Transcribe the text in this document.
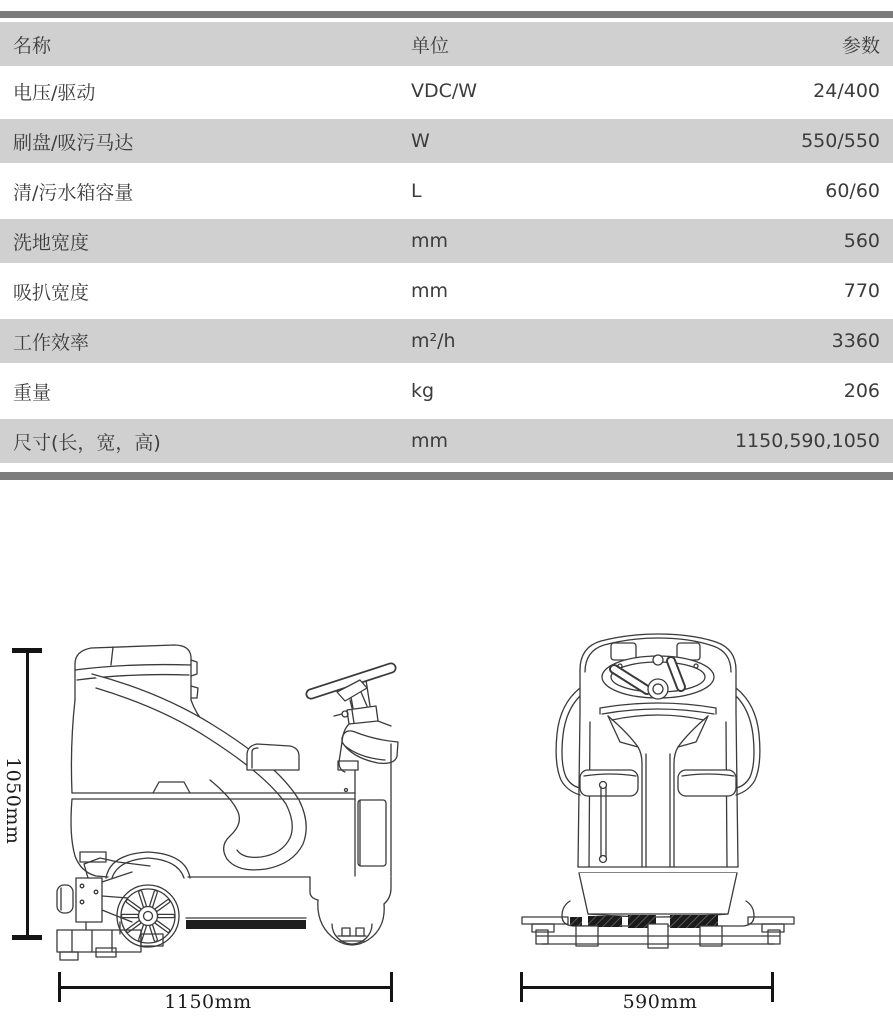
名称	单位	参数
电压/驱动	VDC/W	24/400
刷盘/吸污马达	W	550/550
清/污水箱容量	L	60/60
洗地宽度	mm	560
吸扒宽度	mm	770
工作效率	m²/h	3360
重量	kg	206
尺寸(长，宽，高)	mm	1150,590,1050
1050mm
1150mm	590mm
